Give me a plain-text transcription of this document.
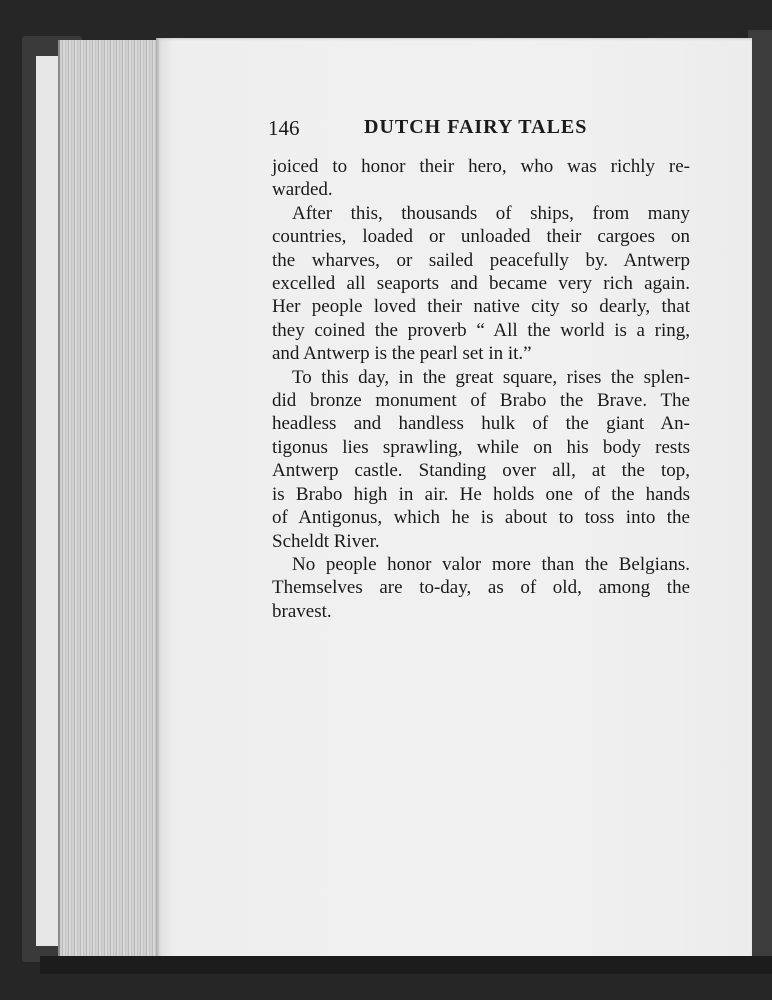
146	DUTCH FAIRY TALES
joiced to honor their hero, who was richly re-
warded.
After this, thousands of ships, from many
countries, loaded or unloaded their cargoes on
the wharves, or sailed peacefully by. Antwerp
excelled all seaports and became very rich again.
Her people loved their native city so dearly, that
they coined the proverb “ All the world is a ring,
and Antwerp is the pearl set in it.”
To this day, in the great square, rises the splen-
did bronze monument of Brabo the Brave. The
headless and handless hulk of the giant An-
tigonus lies sprawling, while on his body rests
Antwerp castle. Standing over all, at the top,
is Brabo high in air. He holds one of the hands
of Antigonus, which he is about to toss into the
Scheldt River.
No people honor valor more than the Belgians.
Themselves are to-day, as of old, among the
bravest.
